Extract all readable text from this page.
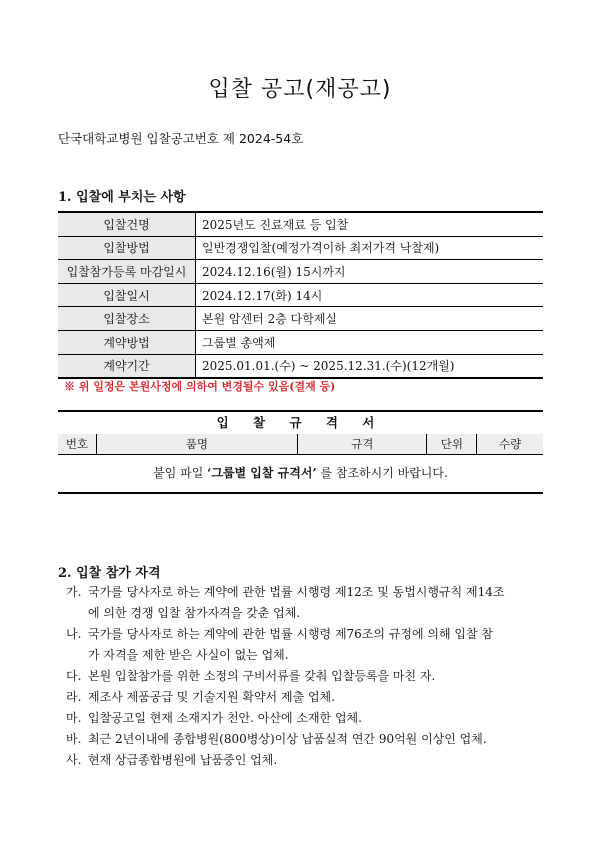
입찰 공고(재공고)
단국대학교병원 입찰공고번호 제 2024-54호
1. 입찰에 부치는 사항
입찰건명	2025년도 진료재료 등 입찰
입찰방법	일반경쟁입찰(예정가격이하 최저가격 낙찰제)
입찰참가등록 마감일시	2024.12.16(월) 15시까지
입찰일시	2024.12.17(화) 14시
입찰장소	본원 암센터 2층 다학제실
계약방법	그룹별 총액제
계약기간	2025.01.01.(수) ~ 2025.12.31.(수)(12개월)
※ 위 일정은 본원사정에 의하여 변경될수 있음(결재 등)
입 찰 규 격 서
번호	품명	규격	단위	수량
붙임 파일 ‘그룹별 입찰 규격서’ 를 참조하시기 바랍니다.
2. 입찰 참가 자격
가. 국가를 당사자로 하는 계약에 관한 법률 시행령 제12조 및 동법시행규칙 제14조
에 의한 경쟁 입찰 참가자격을 갖춘 업체.
나. 국가를 당사자로 하는 계약에 관한 법률 시행령 제76조의 규정에 의해 입찰 참
가 자격을 제한 받은 사실이 없는 업체.
다. 본원 입찰참가를 위한 소정의 구비서류를 갖춰 입찰등록을 마친 자.
라. 제조사 제품공급 및 기술지원 확약서 제출 업체.
마. 입찰공고일 현재 소재지가 천안. 아산에 소재한 업체.
바. 최근 2년이내에 종합병원(800병상)이상 납품실적 연간 90억원 이상인 업체.
사. 현재 상급종합병원에 납품중인 업체.
